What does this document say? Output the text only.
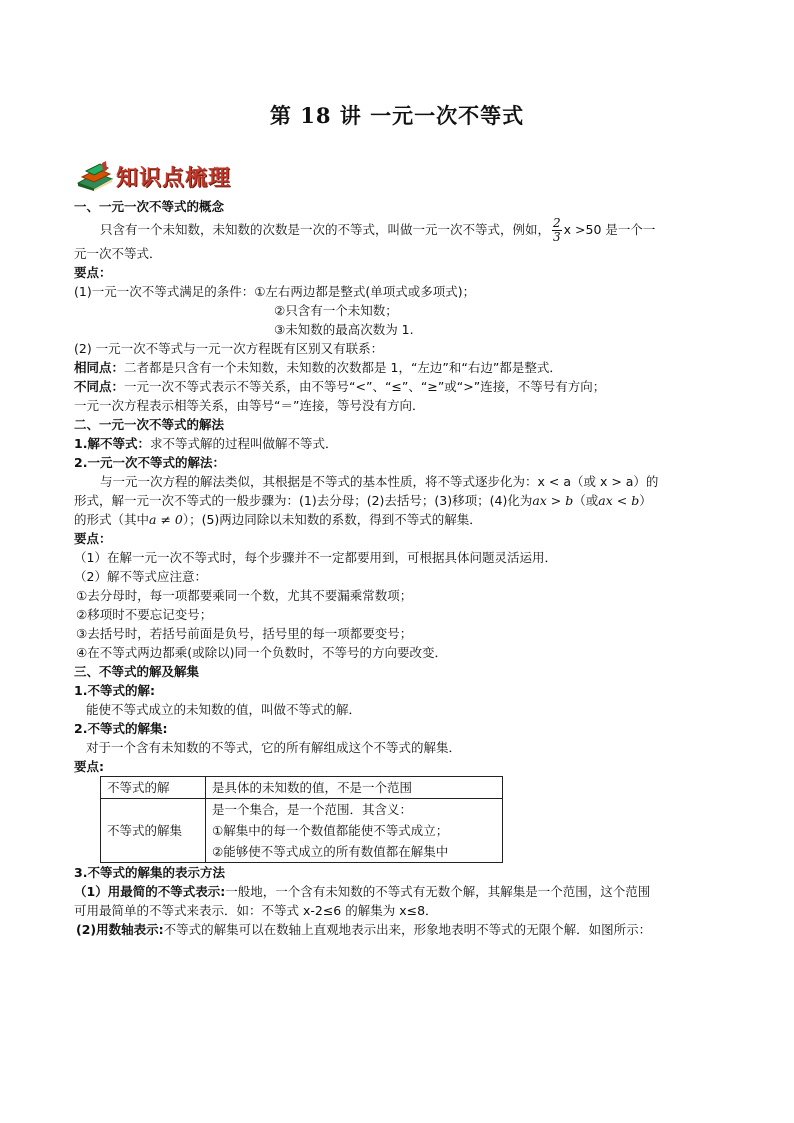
第 18 讲 一元一次不等式
知识点梳理
一、一元一次不等式的概念
只含有一个未知数，未知数的次数是一次的不等式，叫做一元一次不等式，例如， $\frac{2}{3}$ x >50 是一个一
元一次不等式．
要点：
(1)一元一次不等式满足的条件：①左右两边都是整式(单项式或多项式)；
②只含有一个未知数；
③未知数的最高次数为 1.
(2) 一元一次不等式与一元一次方程既有区别又有联系：
相同点：二者都是只含有一个未知数，未知数的次数都是 1，“左边”和“右边”都是整式．
不同点：一元一次不等式表示不等关系，由不等号“<”、“≤”、“≥”或“>”连接，不等号有方向；
一元一次方程表示相等关系，由等号“＝”连接，等号没有方向．
二、一元一次不等式的解法
1.解不等式：求不等式解的过程叫做解不等式．
2.一元一次不等式的解法：
与一元一次方程的解法类似，其根据是不等式的基本性质，将不等式逐步化为：x < a（或 x > a）的
形式，解一元一次不等式的一般步骤为：(1)去分母；(2)去括号；(3)移项；(4)化为ax > b（或ax < b）
的形式（其中a ≠ 0）；(5)两边同除以未知数的系数，得到不等式的解集．
要点：
（1）在解一元一次不等式时，每个步骤并不一定都要用到，可根据具体问题灵活运用．
（2）解不等式应注意：
①去分母时，每一项都要乘同一个数，尤其不要漏乘常数项；
②移项时不要忘记变号；
③去括号时，若括号前面是负号，括号里的每一项都要变号；
④在不等式两边都乘(或除以)同一个负数时，不等号的方向要改变．
三、不等式的解及解集
1.不等式的解:
能使不等式成立的未知数的值，叫做不等式的解．
2.不等式的解集:
对于一个含有未知数的不等式，它的所有解组成这个不等式的解集．
要点:
不等式的解	是具体的未知数的值，不是一个范围
不等式的解集	是一个集合，是一个范围．其含义：
	①解集中的每一个数值都能使不等式成立；
	②能够使不等式成立的所有数值都在解集中
3.不等式的解集的表示方法
（1）用最简的不等式表示:一般地，一个含有未知数的不等式有无数个解，其解集是一个范围，这个范围
可用最简单的不等式来表示．如：不等式 x-2≤6 的解集为 x≤8．
(2)用数轴表示:不等式的解集可以在数轴上直观地表示出来，形象地表明不等式的无限个解．如图所示：
